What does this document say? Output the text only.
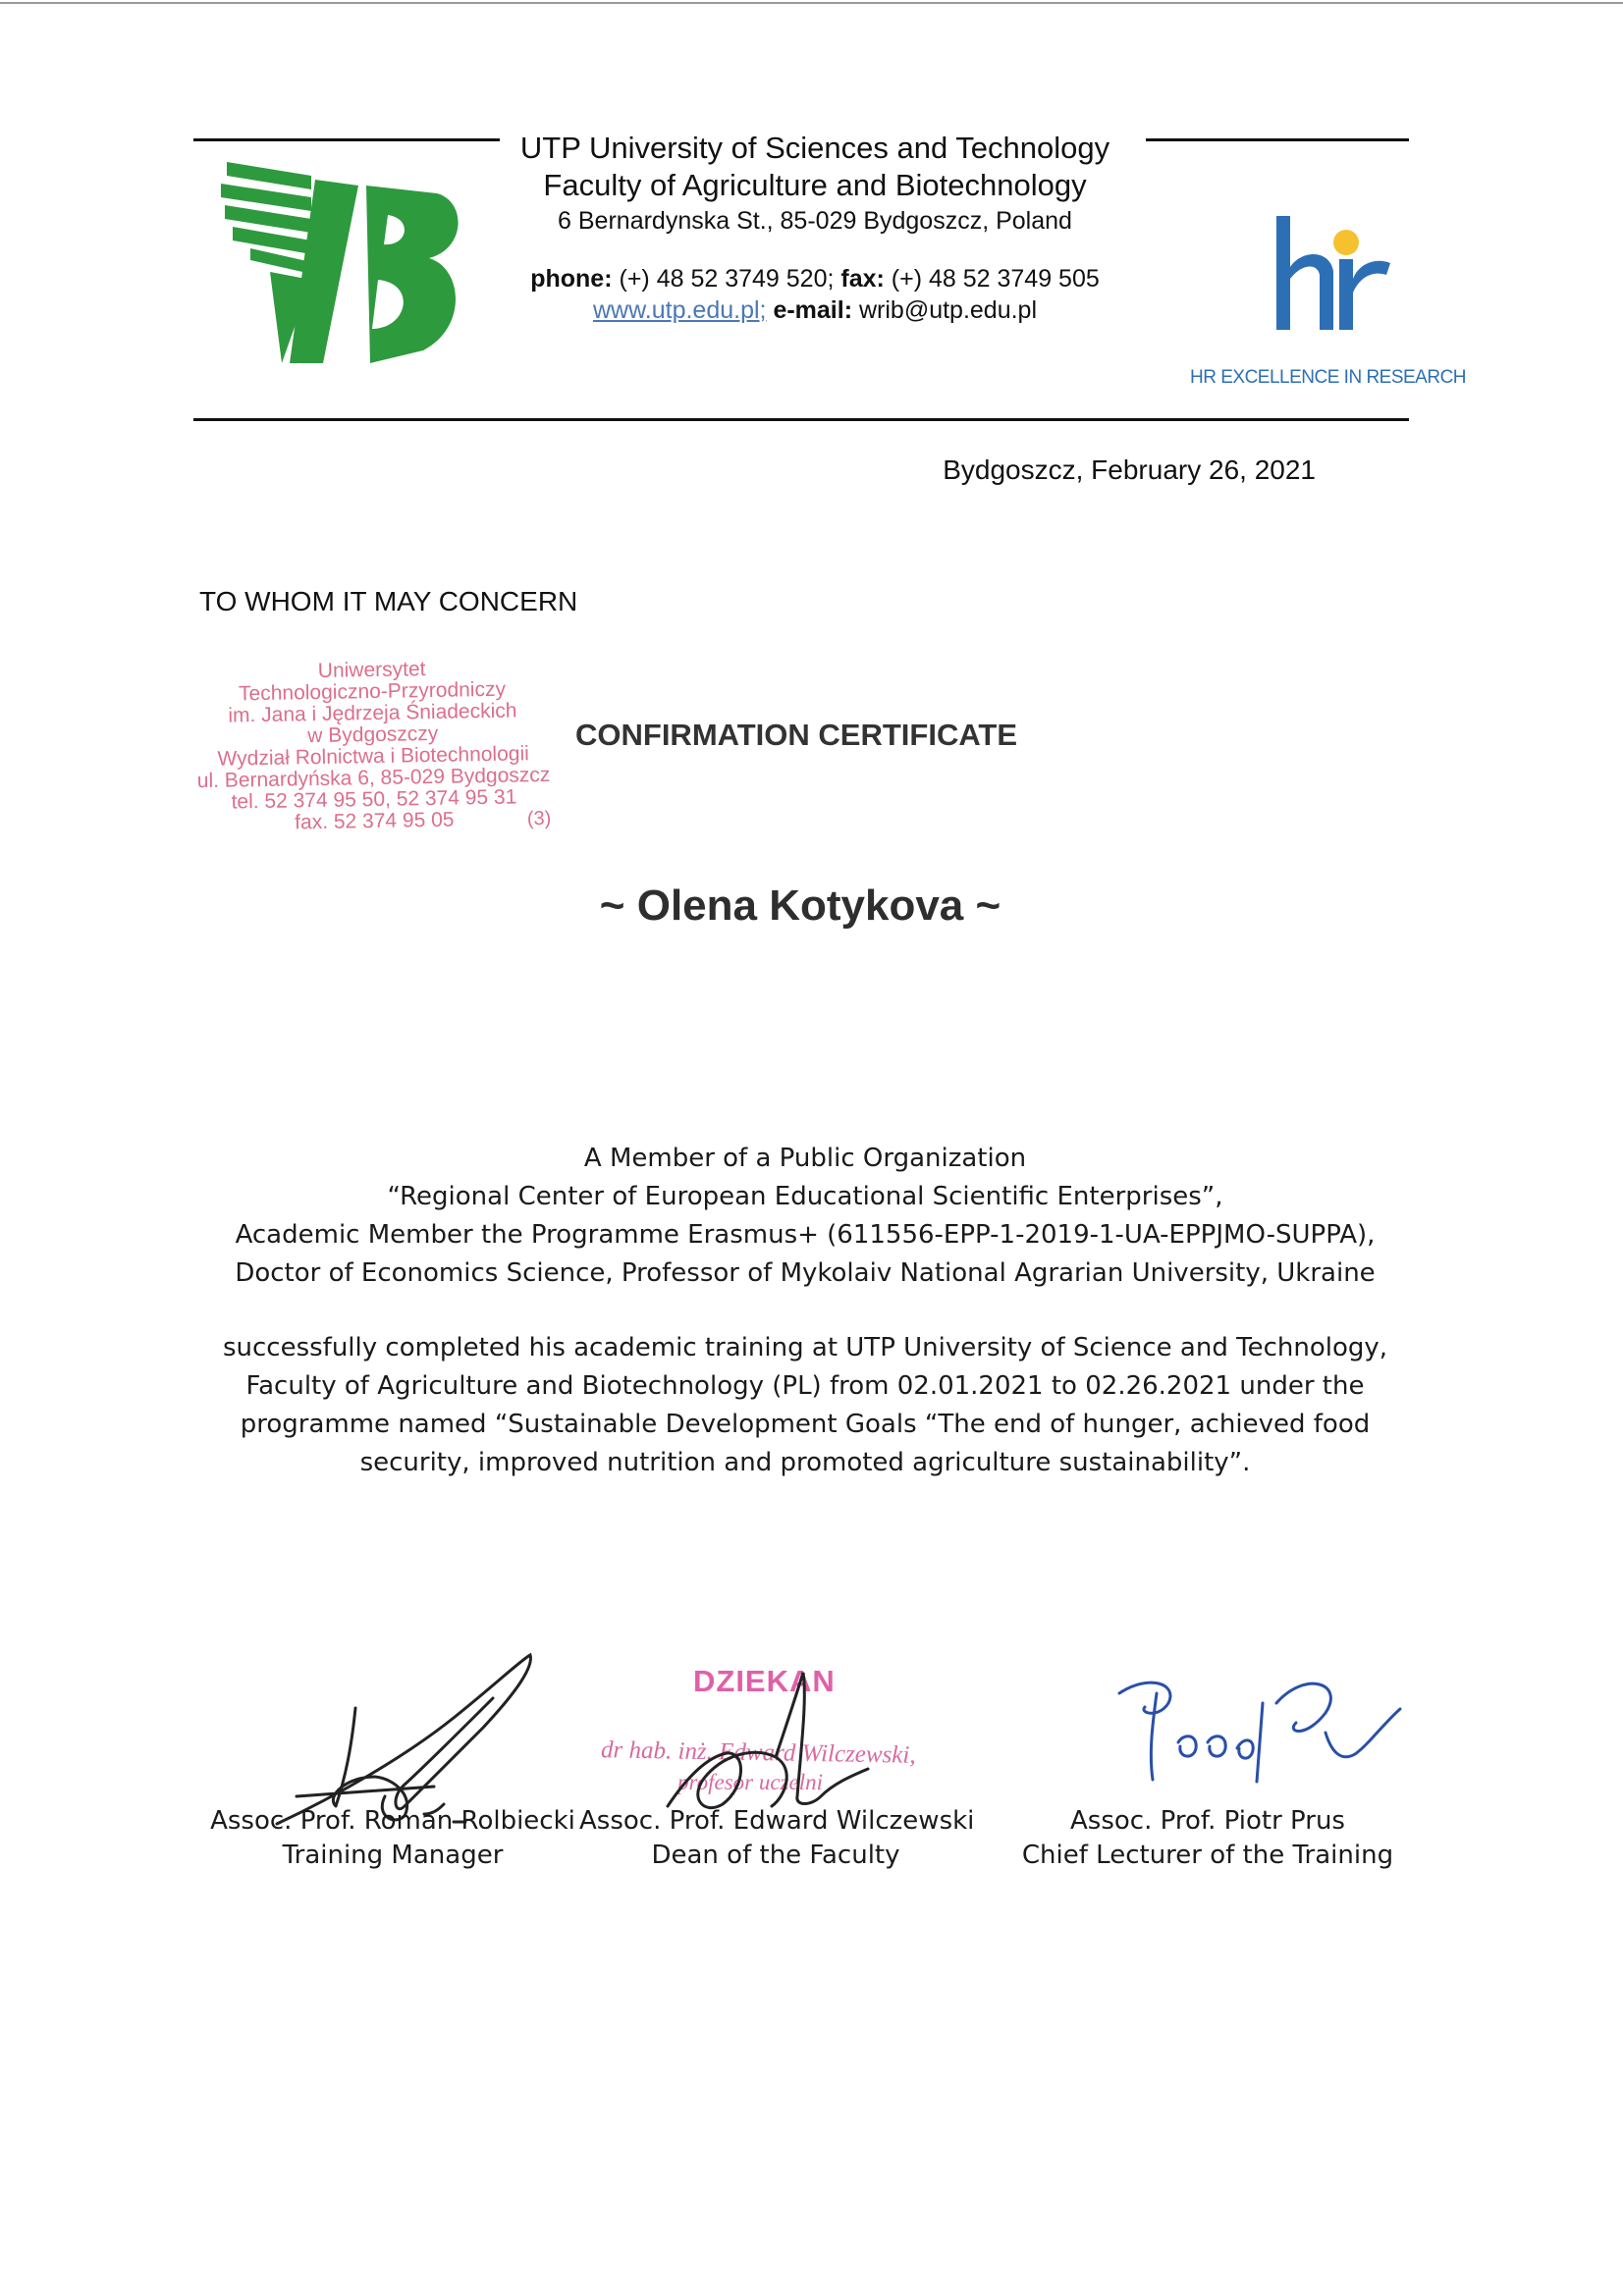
UTP University of Sciences and Technology
Faculty of Agriculture and Biotechnology
6 Bernardynska St., 85-029 Bydgoszcz, Poland
phone: (+) 48 52 3749 520; fax: (+) 48 52 3749 505
www.utp.edu.pl; e-mail: wrib@utp.edu.pl
HR EXCELLENCE IN RESEARCH
Bydgoszcz, February 26, 2021
TO WHOM IT MAY CONCERN
Uniwersytet
Technologiczno-Przyrodniczy
im. Jana i Jędrzeja Śniadeckich
w Bydgoszczy
Wydział Rolnictwa i Biotechnologii
ul. Bernardyńska 6, 85-029 Bydgoszcz
tel. 52 374 95 50, 52 374 95 31
fax. 52 374 95 05	(3)
CONFIRMATION CERTIFICATE
~ Olena Kotykova ~
A Member of a Public Organization
“Regional Center of European Educational Scientific Enterprises”,
Academic Member the Programme Erasmus+ (611556-EPP-1-2019-1-UA-EPPJMO-SUPPA),
Doctor of Economics Science, Professor of Mykolaiv National Agrarian University, Ukraine
successfully completed his academic training at UTP University of Science and Technology,
Faculty of Agriculture and Biotechnology (PL) from 02.01.2021 to 02.26.2021 under the
programme named “Sustainable Development Goals “The end of hunger, achieved food
security, improved nutrition and promoted agriculture sustainability”.
DZIEKAN
dr hab. inż. Edward Wilczewski,
profesor uczelni
Assoc. Prof. Roman Rolbiecki
Training Manager
Assoc. Prof. Edward Wilczewski
Dean of the Faculty
Assoc. Prof. Piotr Prus
Chief Lecturer of the Training
